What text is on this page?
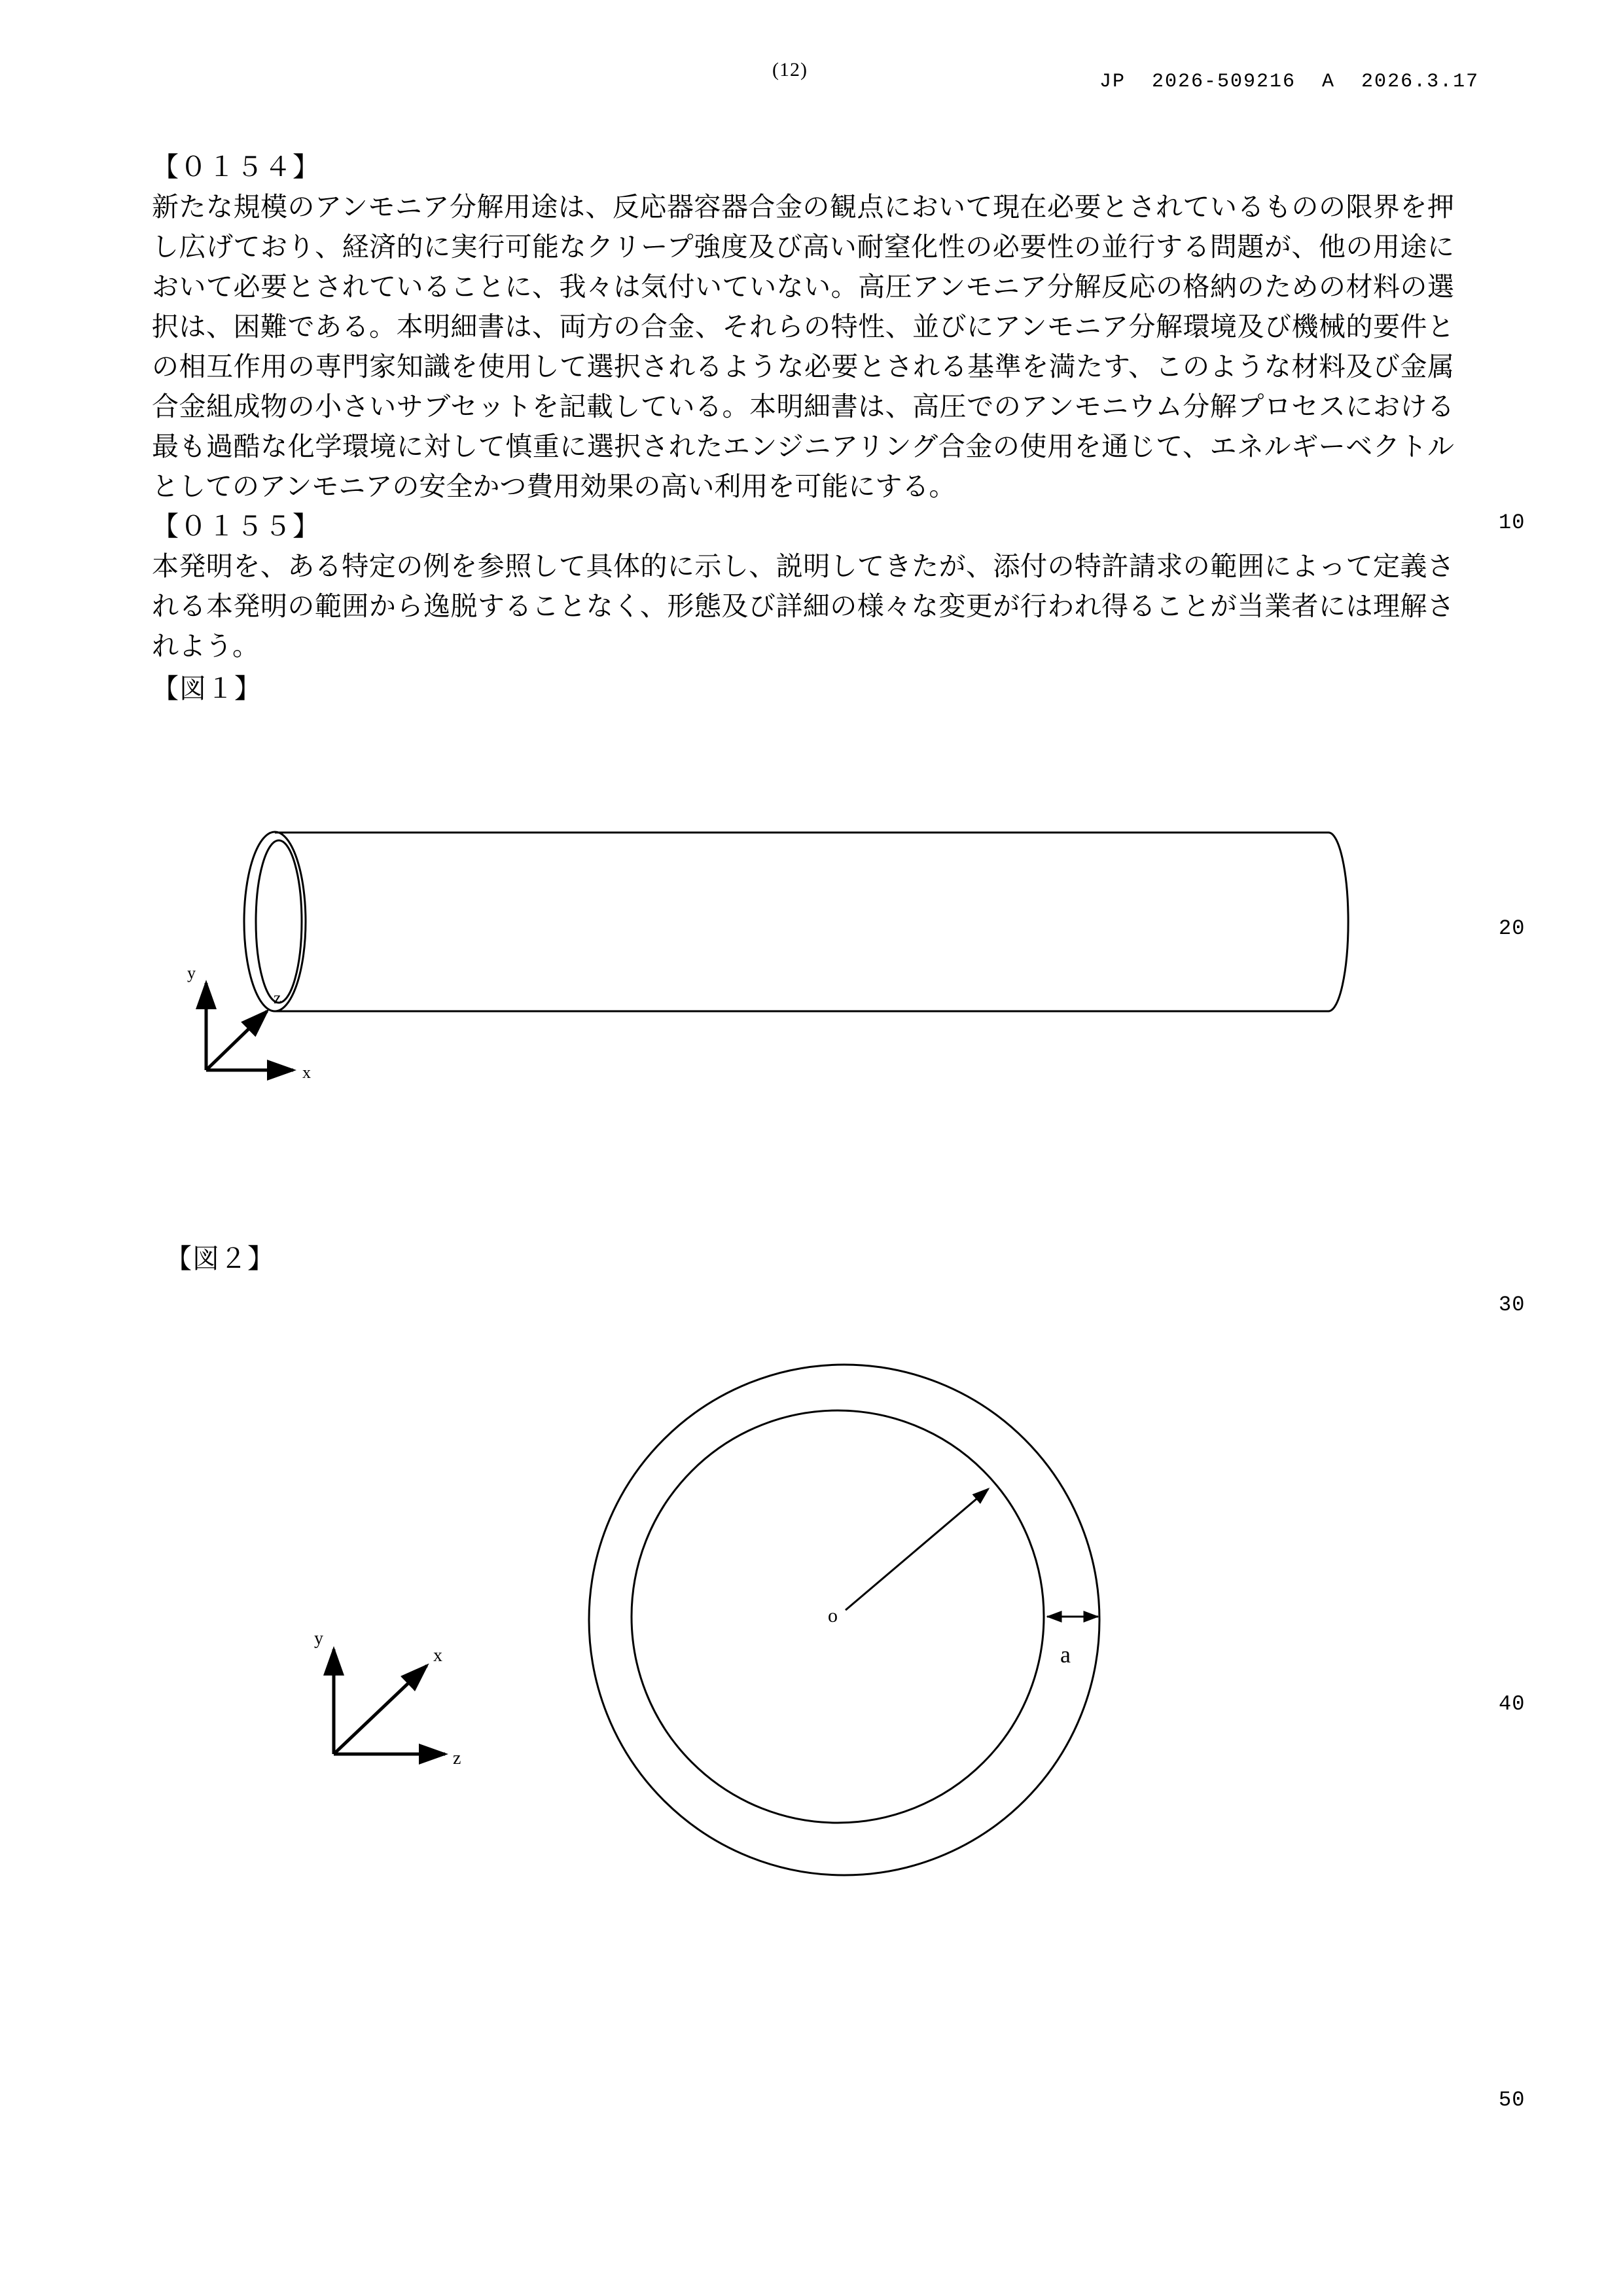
(12)
JP  2026-509216  A  2026.3.17
10
20
30
40
50
【０１５４】
新たな規模のアンモニア分解用途は、反応器容器合金の観点において現在必要とされているものの限界を押し広げており、経済的に実行可能なクリープ強度及び高い耐窒化性の必要性の並行する問題が、他の用途において必要とされていることに、我々は気付いていない。高圧アンモニア分解反応の格納のための材料の選択は、困難である。本明細書は、両方の合金、それらの特性、並びにアンモニア分解環境及び機械的要件との相互作用の専門家知識を使用して選択されるような必要とされる基準を満たす、このような材料及び金属合金組成物の小さいサブセットを記載している。本明細書は、高圧でのアンモニウム分解プロセスにおける最も過酷な化学環境に対して慎重に選択されたエンジニアリング合金の使用を通じて、エネルギーベクトルとしてのアンモニアの安全かつ費用効果の高い利用を可能にする。
【０１５５】
本発明を、ある特定の例を参照して具体的に示し、説明してきたが、添付の特許請求の範囲によって定義される本発明の範囲から逸脱することなく、形態及び詳細の様々な変更が行われ得ることが当業者には理解されよう。
【図１】
y
x
z
【図２】
o
a
y
z
x
